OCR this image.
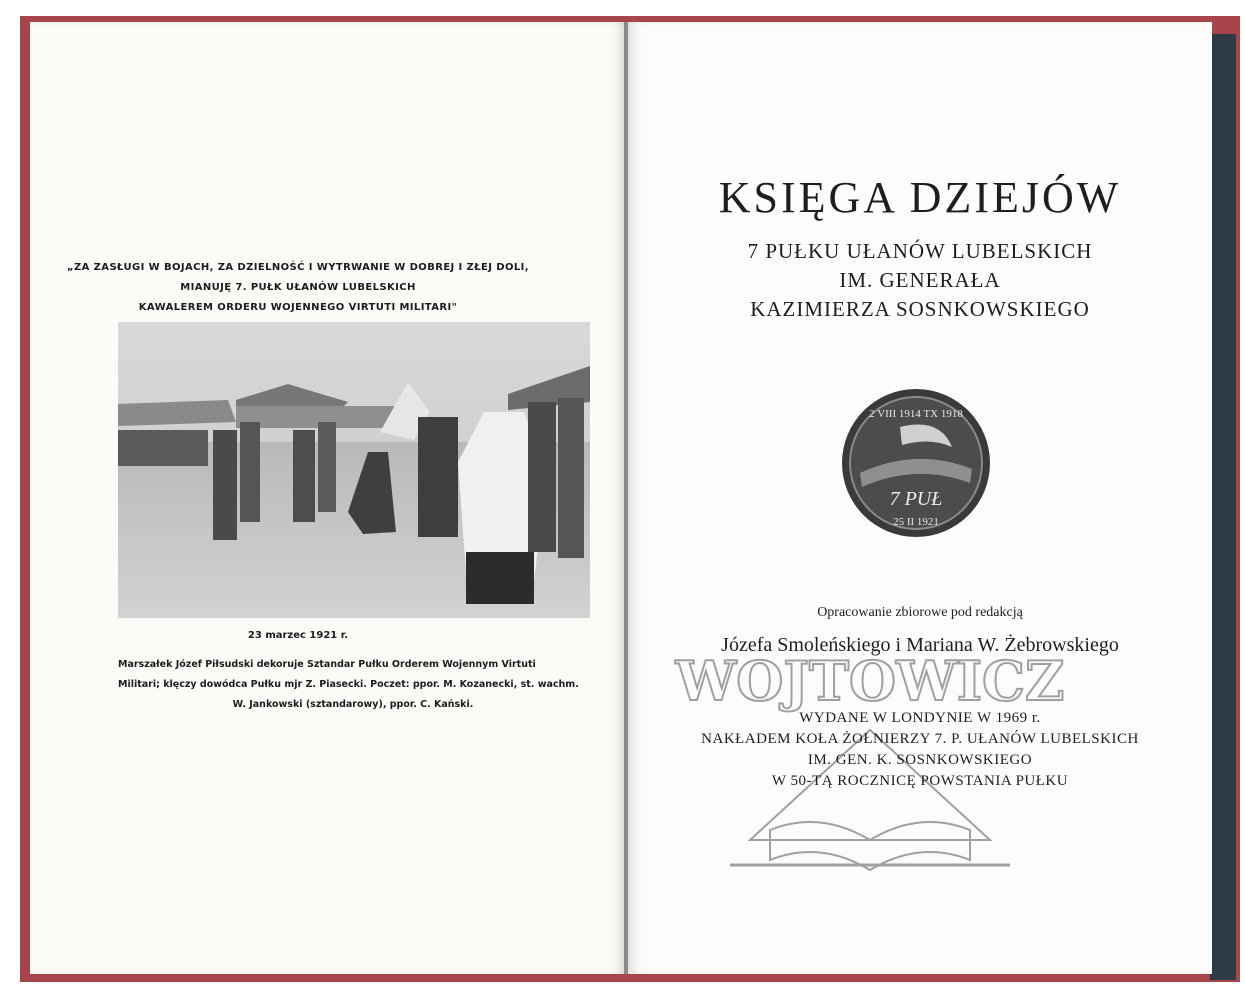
„ZA ZASŁUGI W BOJACH, ZA DZIELNOŚĆ I WYTRWANIE W DOBREJ I ZŁEJ DOLI,
MIANUJĘ 7. PUŁK UŁANÓW LUBELSKICH
KAWALEREM ORDERU WOJENNEGO VIRTUTI MILITARI"
23 marzec 1921 r.
Marszałek Józef Piłsudski dekoruje Sztandar Pułku Orderem Wojennym Virtuti
Militari; klęczy dowódca Pułku mjr Z. Piasecki. Poczet: ppor. M. Kozanecki, st. wachm.
W. Jankowski (sztandarowy), ppor. C. Kański.
KSIĘGA DZIEJÓW
7 PUŁKU UŁANÓW LUBELSKICH
IM. GENERAŁA
KAZIMIERZA SOSNKOWSKIEGO
2 VIII 1914 TX 1918
7 PUŁ
25 II 1921
Opracowanie zbiorowe pod redakcją
Józefa Smoleńskiego i Mariana W. Żebrowskiego
WOJTOWICZ
WYDANE W LONDYNIE W 1969 r.
NAKŁADEM KOŁA ŻOŁNIERZY 7. P. UŁANÓW LUBELSKICH
IM. GEN. K. SOSNKOWSKIEGO
W 50-TĄ ROCZNICĘ POWSTANIA PUŁKU
